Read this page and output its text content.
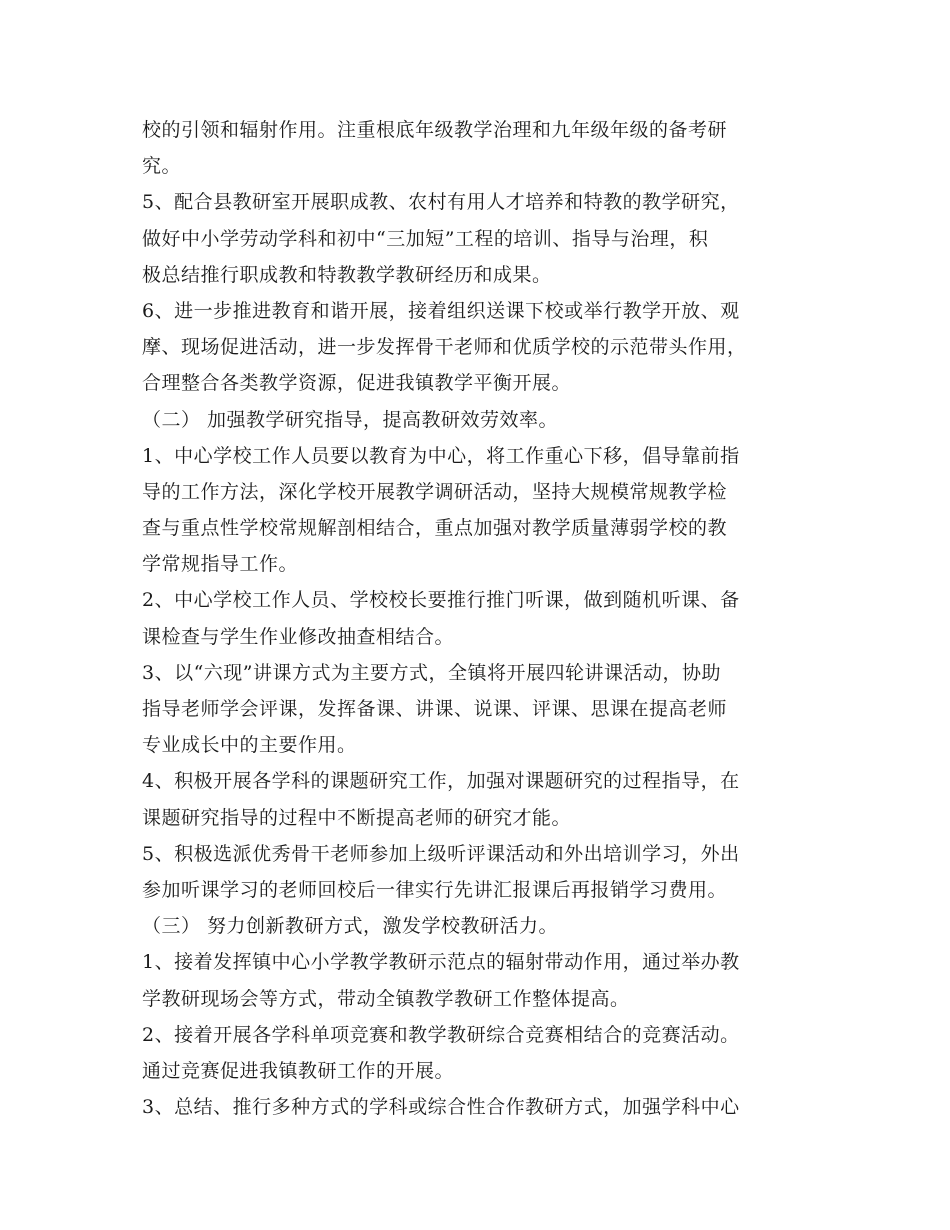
校的引领和辐射作用。注重根底年级教学治理和九年级年级的备考研
究。
5、配合县教研室开展职成教、农村有用人才培养和特教的教学研究，
做好中小学劳动学科和初中“三加短”工程的培训、指导与治理，积
极总结推行职成教和特教教学教研经历和成果。
6、进一步推进教育和谐开展，接着组织送课下校或举行教学开放、观
摩、现场促进活动，进一步发挥骨干老师和优质学校的示范带头作用，
合理整合各类教学资源，促进我镇教学平衡开展。
（二） 加强教学研究指导，提高教研效劳效率。
1、中心学校工作人员要以教育为中心，将工作重心下移，倡导靠前指
导的工作方法，深化学校开展教学调研活动，坚持大规模常规教学检
查与重点性学校常规解剖相结合，重点加强对教学质量薄弱学校的教
学常规指导工作。
2、中心学校工作人员、学校校长要推行推门听课，做到随机听课、备
课检查与学生作业修改抽查相结合。
3、以“六现”讲课方式为主要方式，全镇将开展四轮讲课活动，协助
指导老师学会评课，发挥备课、讲课、说课、评课、思课在提高老师
专业成长中的主要作用。
4、积极开展各学科的课题研究工作，加强对课题研究的过程指导，在
课题研究指导的过程中不断提高老师的研究才能。
5、积极选派优秀骨干老师参加上级听评课活动和外出培训学习，外出
参加听课学习的老师回校后一律实行先讲汇报课后再报销学习费用。
（三） 努力创新教研方式，激发学校教研活力。
1、接着发挥镇中心小学教学教研示范点的辐射带动作用，通过举办教
学教研现场会等方式，带动全镇教学教研工作整体提高。
2、接着开展各学科单项竞赛和教学教研综合竞赛相结合的竞赛活动。
通过竞赛促进我镇教研工作的开展。
3、总结、推行多种方式的学科或综合性合作教研方式，加强学科中心
